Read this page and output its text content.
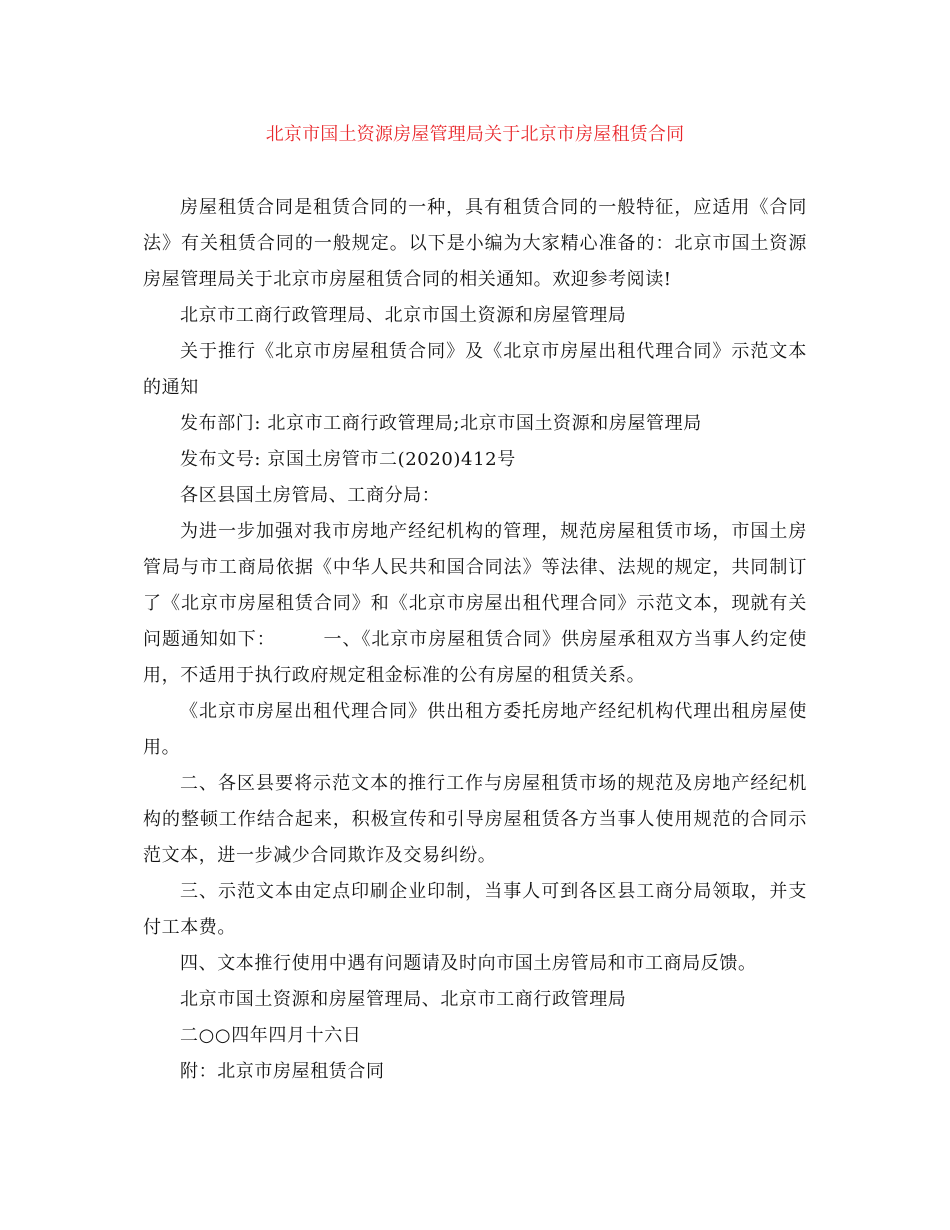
北京市国土资源房屋管理局关于北京市房屋租赁合同

房屋租赁合同是租赁合同的一种，具有租赁合同的一般特征，应适用《合同法》有关租赁合同的一般规定。以下是小编为大家精心准备的：北京市国土资源房屋管理局关于北京市房屋租赁合同的相关通知。欢迎参考阅读!

北京市工商行政管理局、北京市国土资源和房屋管理局

关于推行《北京市房屋租赁合同》及《北京市房屋出租代理合同》示范文本的通知

发布部门: 北京市工商行政管理局;北京市国土资源和房屋管理局

发布文号: 京国土房管市二(2020)412号

各区县国土房管局、工商分局：

为进一步加强对我市房地产经纪机构的管理，规范房屋租赁市场，市国土房管局与市工商局依据《中华人民共和国合同法》等法律、法规的规定，共同制订了《北京市房屋租赁合同》和《北京市房屋出租代理合同》示范文本，现就有关问题通知如下：　　　一、《北京市房屋租赁合同》供房屋承租双方当事人约定使用，不适用于执行政府规定租金标准的公有房屋的租赁关系。

《北京市房屋出租代理合同》供出租方委托房地产经纪机构代理出租房屋使用。

二、各区县要将示范文本的推行工作与房屋租赁市场的规范及房地产经纪机构的整顿工作结合起来，积极宣传和引导房屋租赁各方当事人使用规范的合同示范文本，进一步减少合同欺诈及交易纠纷。

三、示范文本由定点印刷企业印制，当事人可到各区县工商分局领取，并支付工本费。

四、文本推行使用中遇有问题请及时向市国土房管局和市工商局反馈。

北京市国土资源和房屋管理局、北京市工商行政管理局

二○○四年四月十六日

附：北京市房屋租赁合同
